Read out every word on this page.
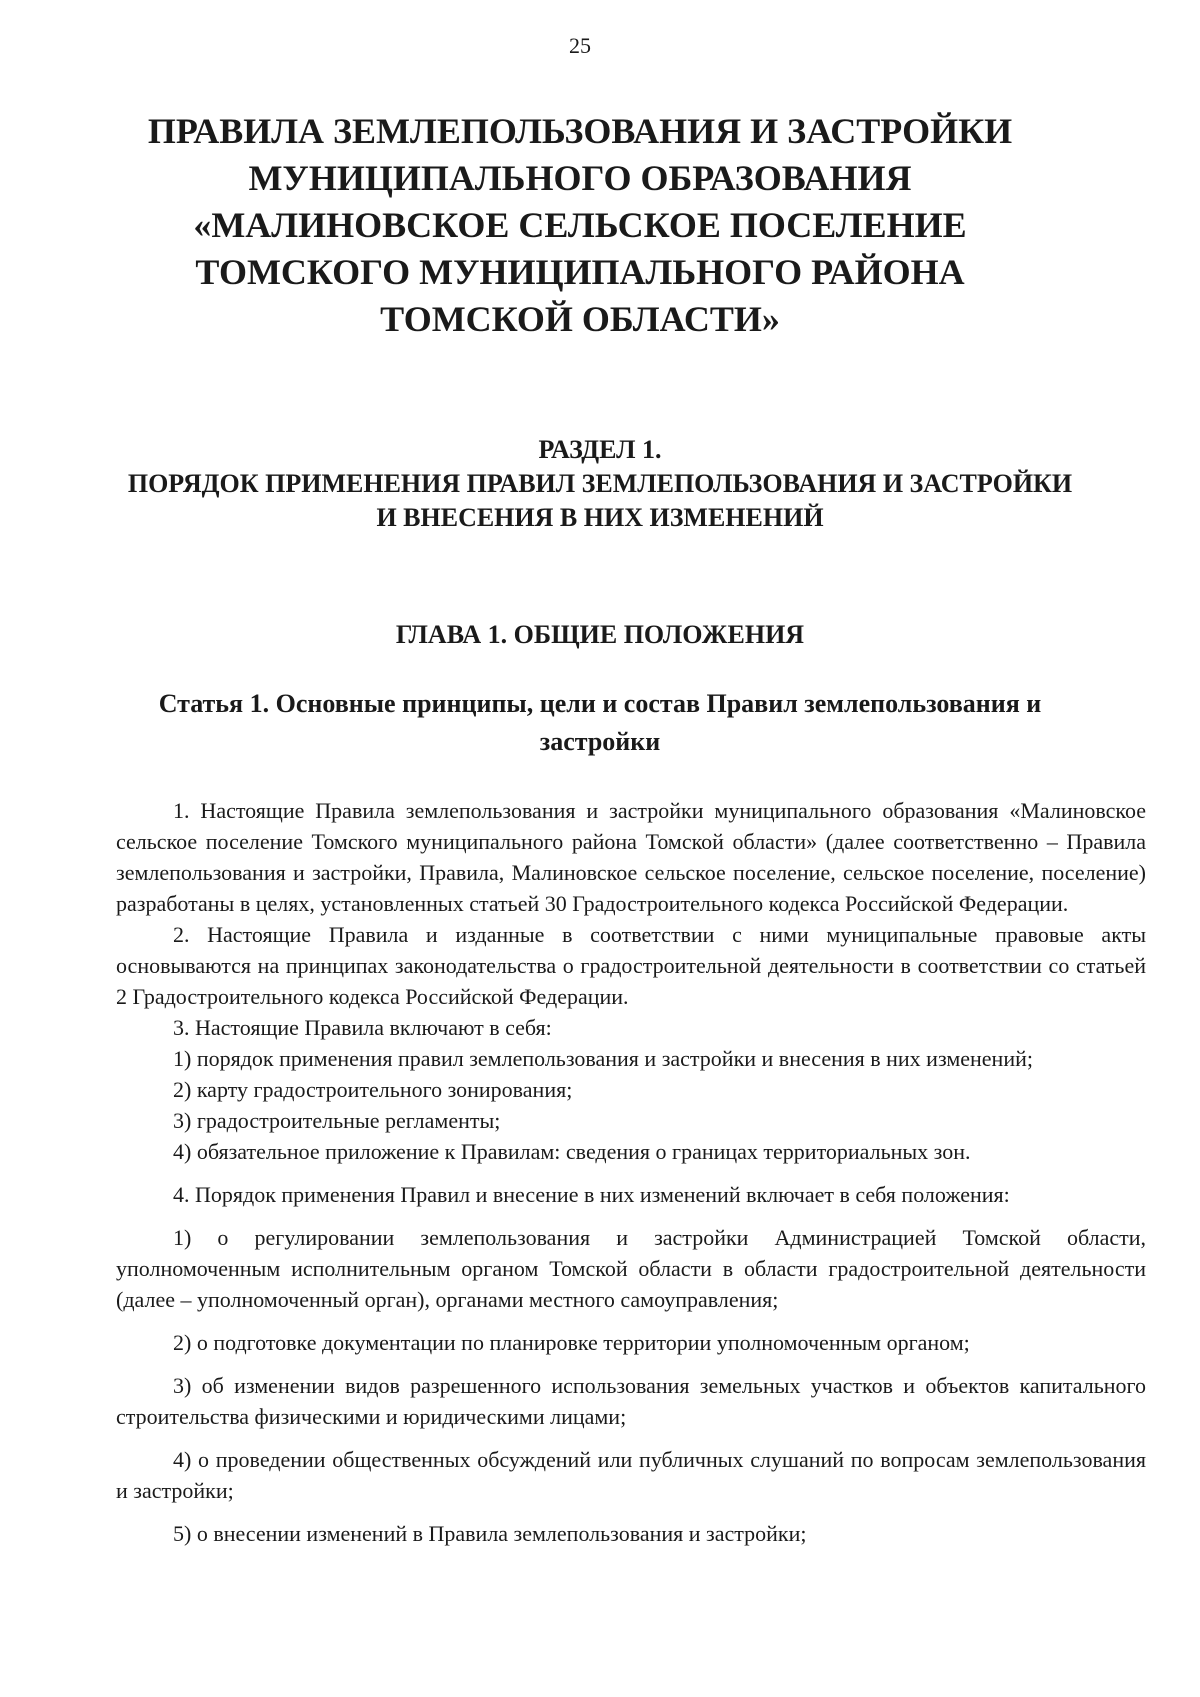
25
ПРАВИЛА ЗЕМЛЕПОЛЬЗОВАНИЯ И ЗАСТРОЙКИ
МУНИЦИПАЛЬНОГО ОБРАЗОВАНИЯ
«МАЛИНОВСКОЕ СЕЛЬСКОЕ ПОСЕЛЕНИЕ
ТОМСКОГО МУНИЦИПАЛЬНОГО РАЙОНА
ТОМСКОЙ ОБЛАСТИ»
РАЗДЕЛ 1.
ПОРЯДОК ПРИМЕНЕНИЯ ПРАВИЛ ЗЕМЛЕПОЛЬЗОВАНИЯ И ЗАСТРОЙКИ
И ВНЕСЕНИЯ В НИХ ИЗМЕНЕНИЙ
ГЛАВА 1. ОБЩИЕ ПОЛОЖЕНИЯ
Статья 1. Основные принципы, цели и состав Правил землепользования и
застройки

1. Настоящие Правила землепользования и застройки муниципального образования «Малиновское сельское поселение Томского муниципального района Томской области» (далее соответственно – Правила землепользования и застройки, Правила, Малиновское сельское поселение, сельское поселение, поселение) разработаны в целях, установленных статьей 30 Градостроительного кодекса Российской Федерации.

2. Настоящие Правила и изданные в соответствии с ними муниципальные правовые акты основываются на принципах законодательства о градостроительной деятельности в соответствии со статьей 2 Градостроительного кодекса Российской Федерации.

3. Настоящие Правила включают в себя:

1) порядок применения правил землепользования и застройки и внесения в них изменений;

2) карту градостроительного зонирования;

3) градостроительные регламенты;

4) обязательное приложение к Правилам: сведения о границах территориальных зон.

4. Порядок применения Правил и внесение в них изменений включает в себя положения:

1) о регулировании землепользования и застройки Администрацией Томской области, уполномоченным исполнительным органом Томской области в области градостроительной деятельности (далее – уполномоченный орган), органами местного самоуправления;

2) о подготовке документации по планировке территории уполномоченным органом;

3) об изменении видов разрешенного использования земельных участков и объектов капитального строительства физическими и юридическими лицами;

4) о проведении общественных обсуждений или публичных слушаний по вопросам землепользования и застройки;

5) о внесении изменений в Правила землепользования и застройки;
